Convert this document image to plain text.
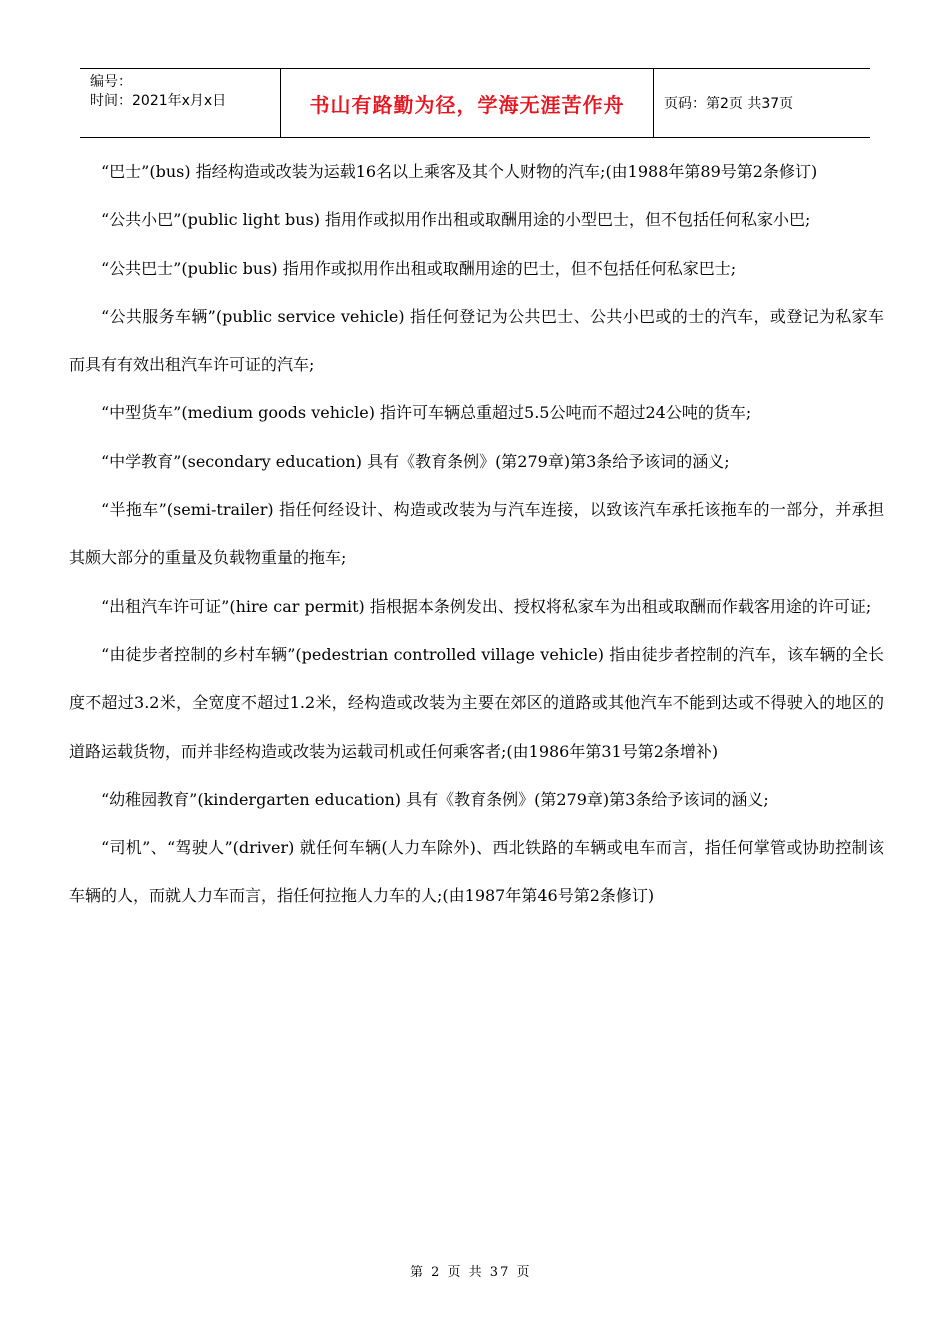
编号：
时间：2021年x月x日	书山有路勤为径，学海无涯苦作舟	页码：第2页 共37页

“巴士”(bus) 指经构造或改装为运载16名以上乘客及其个人财物的汽车;(由1988年第89号第2条修订)

“公共小巴”(public light bus) 指用作或拟用作出租或取酬用途的小型巴士，但不包括任何私家小巴;

“公共巴士”(public bus) 指用作或拟用作出租或取酬用途的巴士，但不包括任何私家巴士;

“公共服务车辆”(public service vehicle) 指任何登记为公共巴士、公共小巴或的士的汽车，或登记为私家车而具有有效出租汽车许可证的汽车;

“中型货车”(medium goods vehicle) 指许可车辆总重超过5.5公吨而不超过24公吨的货车;

“中学教育”(secondary education) 具有《教育条例》(第279章)第3条给予该词的涵义;

“半拖车”(semi-trailer) 指任何经设计、构造或改装为与汽车连接，以致该汽车承托该拖车的一部分，并承担其颇大部分的重量及负载物重量的拖车;

“出租汽车许可证”(hire car permit) 指根据本条例发出、授权将私家车为出租或取酬而作载客用途的许可证;

“由徒步者控制的乡村车辆”(pedestrian controlled village vehicle) 指由徒步者控制的汽车，该车辆的全长度不超过3.2米，全宽度不超过1.2米，经构造或改装为主要在郊区的道路或其他汽车不能到达或不得驶入的地区的道路运载货物，而并非经构造或改装为运载司机或任何乘客者;(由1986年第31号第2条增补)

“幼稚园教育”(kindergarten education) 具有《教育条例》(第279章)第3条给予该词的涵义;

“司机”、“驾驶人”(driver) 就任何车辆(人力车除外)、西北铁路的车辆或电车而言，指任何掌管或协助控制该车辆的人，而就人力车而言，指任何拉拖人力车的人;(由1987年第46号第2条修订)

第 2 页 共 37 页
